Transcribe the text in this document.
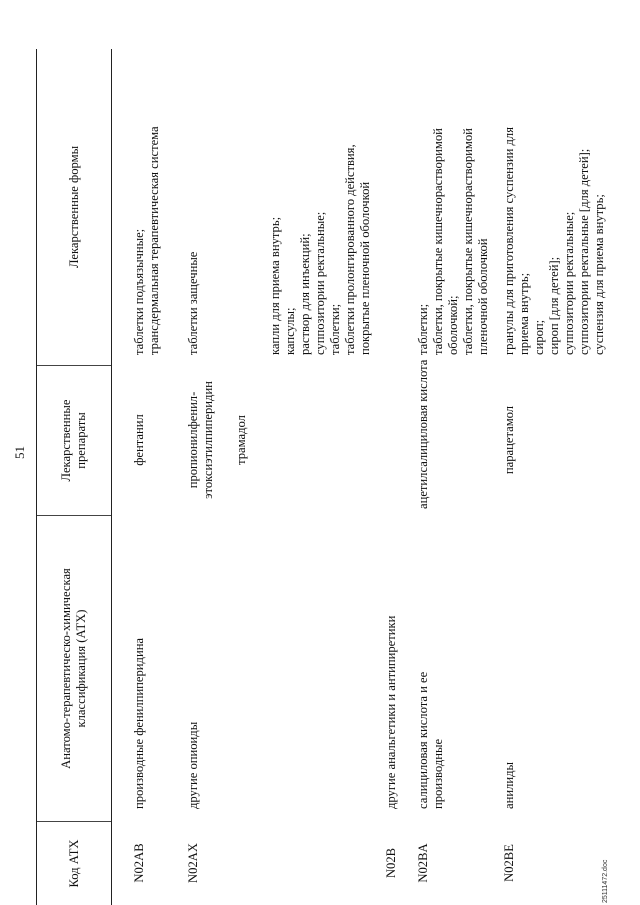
51
Код АТХ
Анатомо-терапевтическо-химическая классификация (АТХ)
Лекарственные препараты
Лекарственные формы
N02AB
производные фенилпиперидина
фентанил
таблетки подъязычные; трансдермальная терапевтическая система
N02AX
другие опиоиды
пропионилфенил- этоксиэтилпиперидин
таблетки защечные
трамадол
капли для приема внутрь; капсулы; раствор для инъекций; суппозитории ректальные; таблетки; таблетки пролонгированного действия, покрытые пленочной оболочкой
N02B
другие анальгетики и антипиретики
N02BA
салициловая кислота и ее производные
ацетилсалициловая кислота
таблетки; таблетки, покрытые кишечнорастворимой оболочкой; таблетки, покрытые кишечнорастворимой пленочной оболочкой
N02BE
анилиды
парацетамол
гранулы для приготовления суспензии для приема внутрь; сироп; сироп [для детей]; суппозитории ректальные; суппозитории ректальные [для детей]; суспензия для приема внутрь;
25111472.doc
